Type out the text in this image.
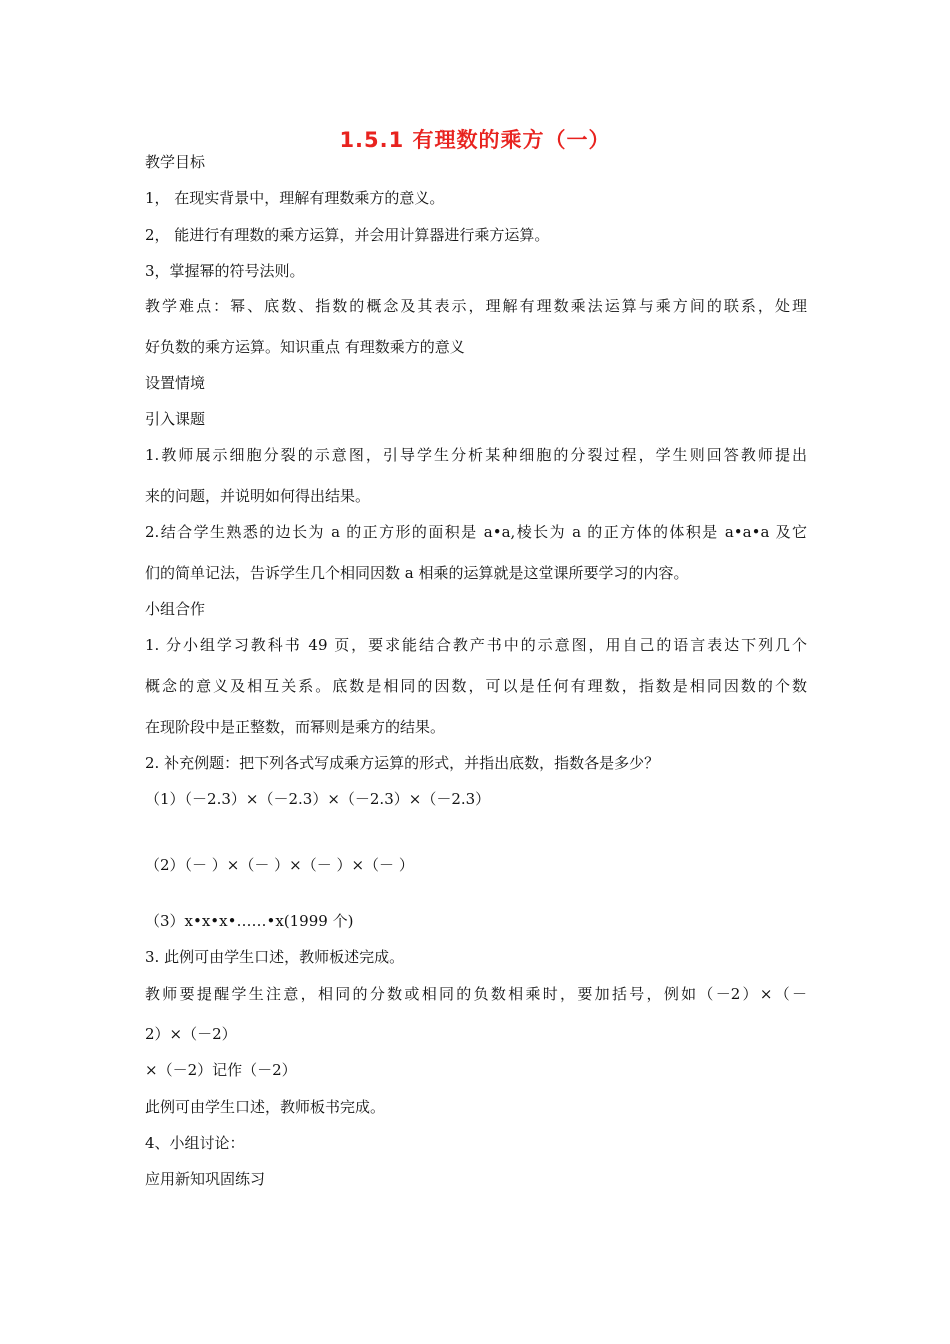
1.5.1 有理数的乘方（一）
教学目标
1， 在现实背景中，理解有理数乘方的意义。
2， 能进行有理数的乘方运算，并会用计算器进行乘方运算。
3，掌握幂的符号法则。
教学难点：幂、底数、指数的概念及其表示，理解有理数乘法运算与乘方间的联系，处理
好负数的乘方运算。知识重点 有理数乘方的意义
设置情境
引入课题
1.教师展示细胞分裂的示意图，引导学生分析某种细胞的分裂过程，学生则回答教师提出
来的问题，并说明如何得出结果。
2.结合学生熟悉的边长为 a 的正方形的面积是 a•a,棱长为 a 的正方体的体积是 a•a•a 及它
们的简单记法，告诉学生几个相同因数 a 相乘的运算就是这堂课所要学习的内容。
小组合作
1. 分小组学习教科书 49 页，要求能结合教产书中的示意图，用自己的语言表达下列几个
概念的意义及相互关系。底数是相同的因数，可以是任何有理数，指数是相同因数的个数
在现阶段中是正整数，而幂则是乘方的结果。
2. 补充例题：把下列各式写成乘方运算的形式，并指出底数，指数各是多少？
（1）（－2.3）×（－2.3）×（－2.3）×（－2.3）
（2）（－ ）×（－ ）×（－ ）×（－ ）
（3）x•x•x•……•x(1999 个)
3. 此例可由学生口述，教师板述完成。
教师要提醒学生注意，相同的分数或相同的负数相乘时，要加括号，例如（－2）×（－
2）×（－2）
×（－2）记作（－2）
此例可由学生口述，教师板书完成。
4、小组讨论：
应用新知巩固练习
